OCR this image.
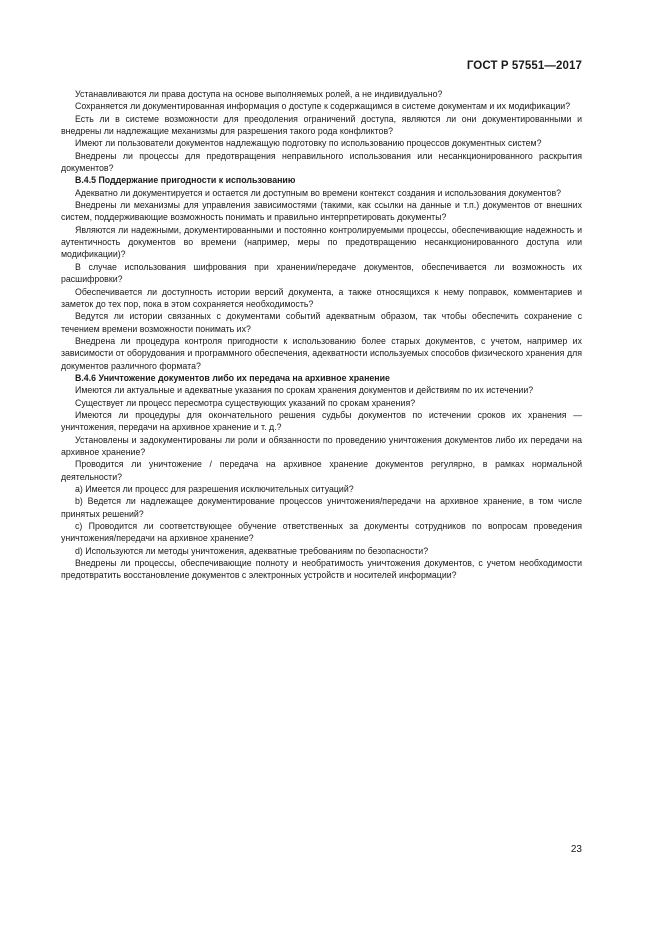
ГОСТ Р 57551—2017

Устанавливаются ли права доступа на основе выполняемых ролей, а не индивидуально?

Сохраняется ли документированная информация о доступе к содержащимся в системе документам и их модификации?

Есть ли в системе возможности для преодоления ограничений доступа, являются ли они документированными и внедрены ли надлежащие механизмы для разрешения такого рода конфликтов?

Имеют ли пользователи документов надлежащую подготовку по использованию процессов документных систем?

Внедрены ли процессы для предотвращения неправильного использования или несанкционированного раскрытия документов?

В.4.5 Поддержание пригодности к использованию

Адекватно ли документируется и остается ли доступным во времени контекст создания и использования документов?

Внедрены ли механизмы для управления зависимостями (такими, как ссылки на данные и т.п.) документов от внешних систем, поддерживающие возможность понимать и правильно интерпретировать документы?

Являются ли надежными, документированными и постоянно контролируемыми процессы, обеспечивающие надежность и аутентичность документов во времени (например, меры по предотвращению несанкционированного доступа или модификации)?

В случае использования шифрования при хранении/передаче документов, обеспечивается ли возможность их расшифровки?

Обеспечивается ли доступность истории версий документа, а также относящихся к нему поправок, комментариев и заметок до тех пор, пока в этом сохраняется необходимость?

Ведутся ли истории связанных с документами событий адекватным образом, так чтобы обеспечить сохранение с течением времени возможности понимать их?

Внедрена ли процедура контроля пригодности к использованию более старых документов, с учетом, например их зависимости от оборудования и программного обеспечения, адекватности используемых способов физического хранения для документов различного формата?

В.4.6 Уничтожение документов либо их передача на архивное хранение

Имеются ли актуальные и адекватные указания по срокам хранения документов и действиям по их истечении?

Существует ли процесс пересмотра существующих указаний по срокам хранения?

Имеются ли процедуры для окончательного решения судьбы документов по истечении сроков их хранения — уничтожения, передачи на архивное хранение и т. д.?

Установлены и задокументированы ли роли и обязанности по проведению уничтожения документов либо их передачи на архивное хранение?

Проводится ли уничтожение / передача на архивное хранение документов регулярно, в рамках нормальной деятельности?

а) Имеется ли процесс для разрешения исключительных ситуаций?

b) Ведется ли надлежащее документирование процессов уничтожения/передачи на архивное хранение, в том числе принятых решений?

c) Проводится ли соответствующее обучение ответственных за документы сотрудников по вопросам проведения уничтожения/передачи на архивное хранение?

d) Используются ли методы уничтожения, адекватные требованиям по безопасности?

Внедрены ли процессы, обеспечивающие полноту и необратимость уничтожения документов, с учетом необходимости предотвратить восстановление документов с электронных устройств и носителей информации?

23
